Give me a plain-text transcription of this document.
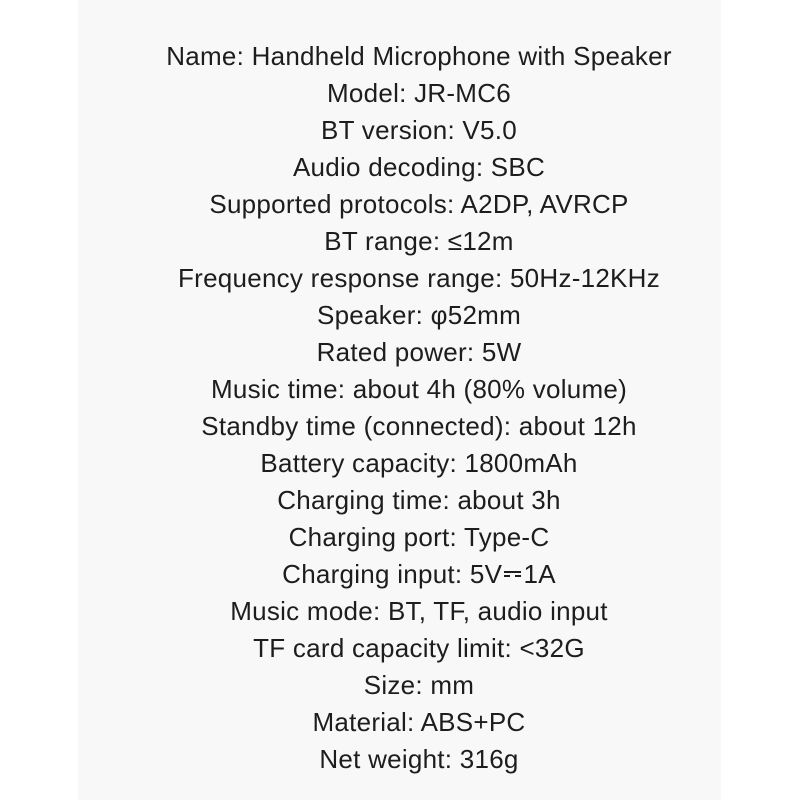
Name: Handheld Microphone with Speaker
Model: JR-MC6
BT version: V5.0
Audio decoding: SBC
Supported protocols: A2DP, AVRCP
BT range: ≤12m
Frequency response range: 50Hz-12KHz
Speaker: φ52mm
Rated power: 5W
Music time: about 4h (80% volume)
Standby time (connected): about 12h
Battery capacity: 1800mAh
Charging time: about 3h
Charging port: Type-C
Charging input: 5V 1A
Music mode: BT, TF, audio input
TF card capacity limit: <32G
Size: mm
Material: ABS+PC
Net weight: 316g
